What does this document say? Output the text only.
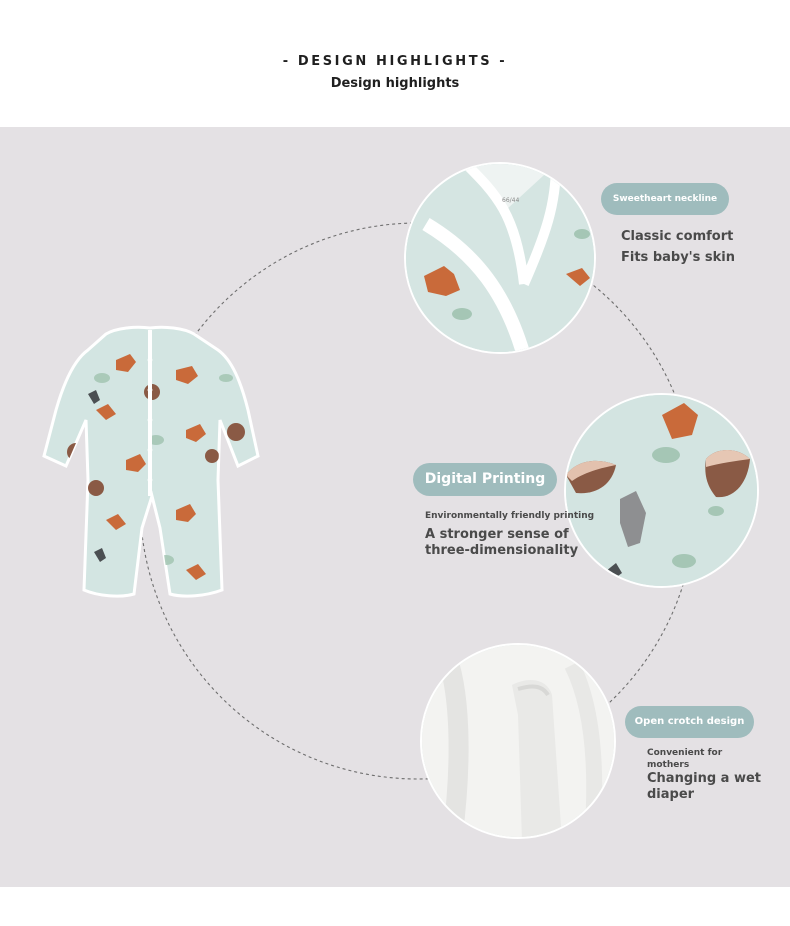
- DESIGN HIGHLIGHTS -
Design highlights
66/44	Sweetheart neckline
Classic comfort
Fits baby's skin
Digital Printing
Environmentally friendly printing
A stronger sense of
three-dimensionality
Open crotch design
Convenient for
mothers
Changing a wet
diaper
